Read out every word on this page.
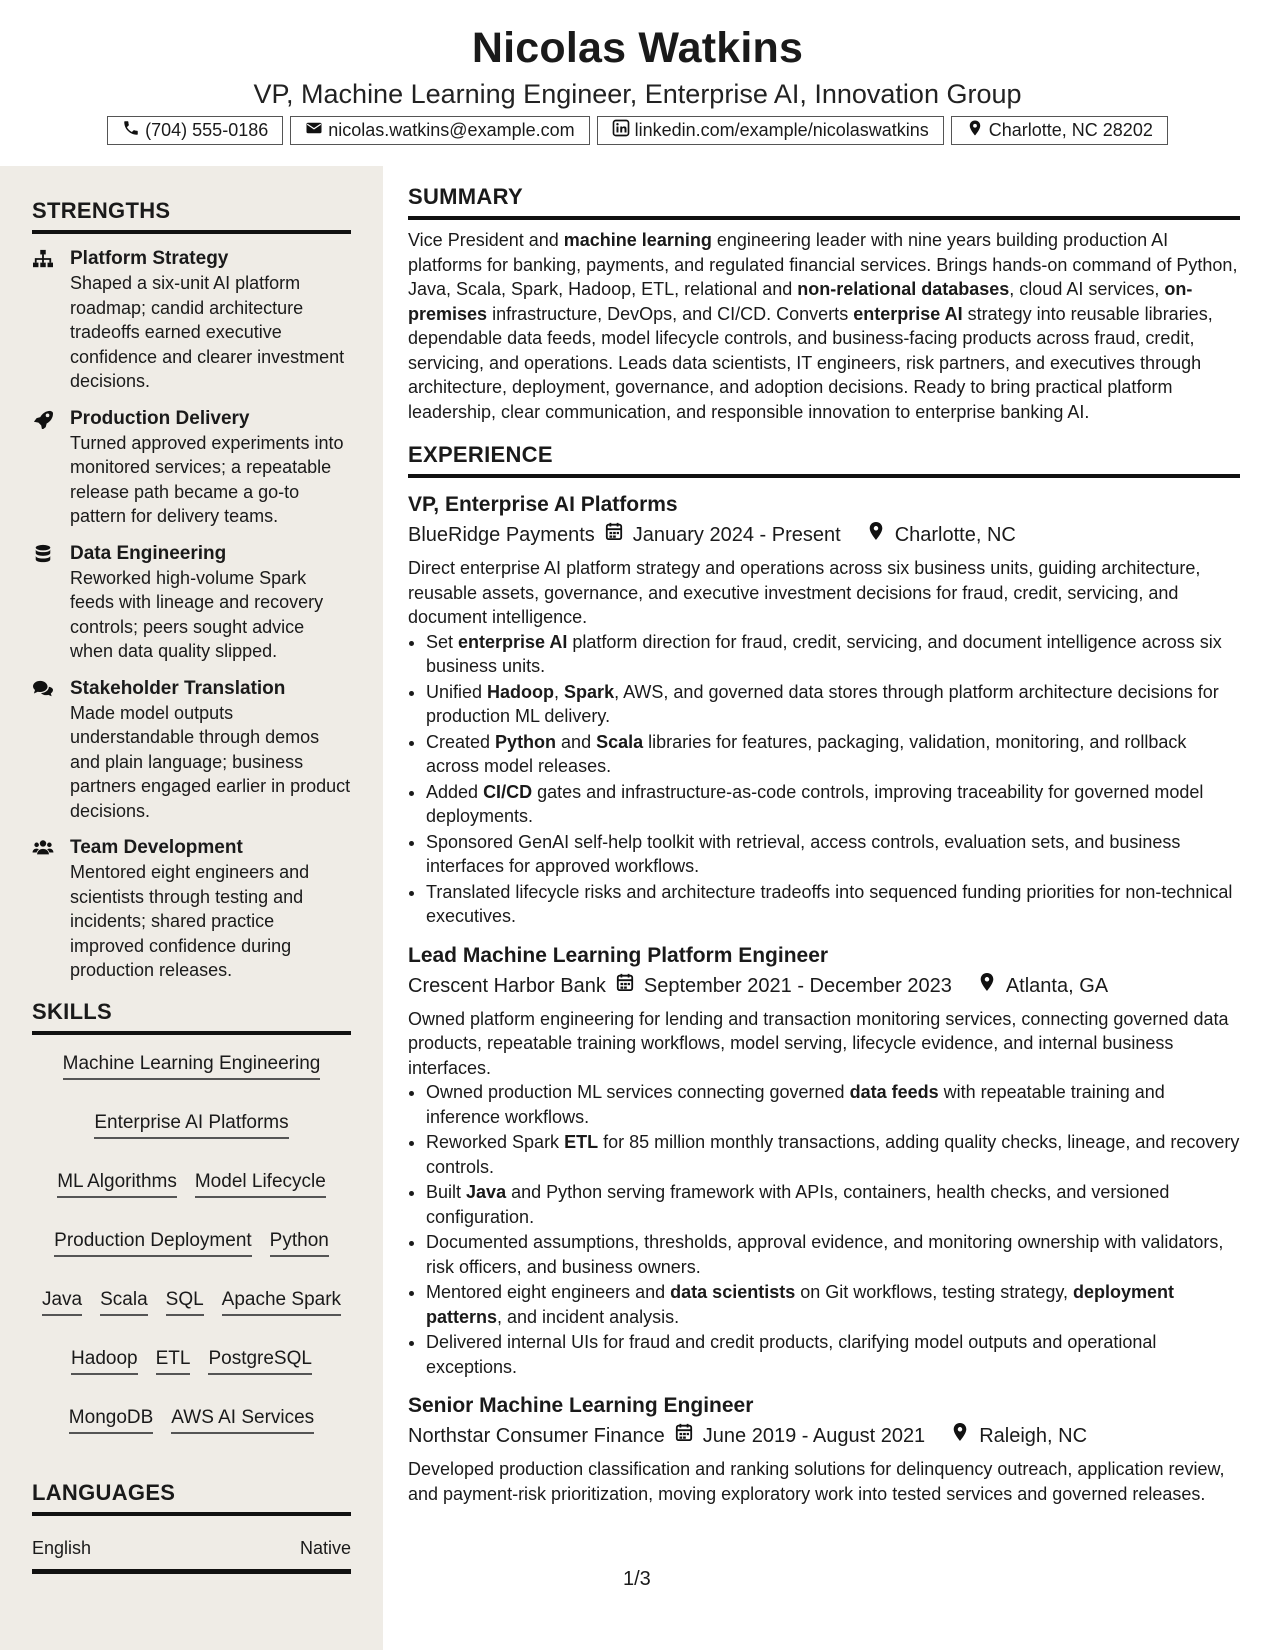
Nicolas Watkins
VP, Machine Learning Engineer, Enterprise AI, Innovation Group
(704) 555-0186	nicolas.watkins@example.com	linkedin.com/example/nicolaswatkins	Charlotte, NC 28202
STRENGTHS
Platform Strategy
Shaped a six-unit AI platform roadmap; candid architecture tradeoffs earned executive confidence and clearer investment decisions.
Production Delivery
Turned approved experiments into monitored services; a repeatable release path became a go-to pattern for delivery teams.
Data Engineering
Reworked high-volume Spark feeds with lineage and recovery controls; peers sought advice when data quality slipped.
Stakeholder Translation
Made model outputs understandable through demos and plain language; business partners engaged earlier in product decisions.
Team Development
Mentored eight engineers and scientists through testing and incidents; shared practice improved confidence during production releases.
SKILLS
Machine Learning Engineering
Enterprise AI Platforms
ML Algorithms Model Lifecycle
Production Deployment Python
Java Scala SQL Apache Spark
Hadoop ETL PostgreSQL
MongoDB AWS AI Services
LANGUAGES
English	Native
SUMMARY
Vice President and machine learning engineering leader with nine years building production AI platforms for banking, payments, and regulated financial services. Brings hands-on command of Python, Java, Scala, Spark, Hadoop, ETL, relational and non-relational databases, cloud AI services, on-premises infrastructure, DevOps, and CI/CD. Converts enterprise AI strategy into reusable libraries, dependable data feeds, model lifecycle controls, and business-facing products across fraud, credit, servicing, and operations. Leads data scientists, IT engineers, risk partners, and executives through architecture, deployment, governance, and adoption decisions. Ready to bring practical platform leadership, clear communication, and responsible innovation to enterprise banking AI.
EXPERIENCE
VP, Enterprise AI Platforms
BlueRidge Payments January 2024 - Present	Charlotte, NC
Direct enterprise AI platform strategy and operations across six business units, guiding architecture, reusable assets, governance, and executive investment decisions for fraud, credit, servicing, and document intelligence.
• Set enterprise AI platform direction for fraud, credit, servicing, and document intelligence across six business units.
• Unified Hadoop, Spark, AWS, and governed data stores through platform architecture decisions for production ML delivery.
• Created Python and Scala libraries for features, packaging, validation, monitoring, and rollback across model releases.
• Added CI/CD gates and infrastructure-as-code controls, improving traceability for governed model deployments.
• Sponsored GenAI self-help toolkit with retrieval, access controls, evaluation sets, and business interfaces for approved workflows.
• Translated lifecycle risks and architecture tradeoffs into sequenced funding priorities for non-technical executives.
Lead Machine Learning Platform Engineer
Crescent Harbor Bank September 2021 - December 2023	Atlanta, GA
Owned platform engineering for lending and transaction monitoring services, connecting governed data products, repeatable training workflows, model serving, lifecycle evidence, and internal business interfaces.
• Owned production ML services connecting governed data feeds with repeatable training and inference workflows.
• Reworked Spark ETL for 85 million monthly transactions, adding quality checks, lineage, and recovery controls.
• Built Java and Python serving framework with APIs, containers, health checks, and versioned configuration.
• Documented assumptions, thresholds, approval evidence, and monitoring ownership with validators, risk officers, and business owners.
• Mentored eight engineers and data scientists on Git workflows, testing strategy, deployment patterns, and incident analysis.
• Delivered internal UIs for fraud and credit products, clarifying model outputs and operational exceptions.
Senior Machine Learning Engineer
Northstar Consumer Finance June 2019 - August 2021	Raleigh, NC
Developed production classification and ranking solutions for delinquency outreach, application review, and payment-risk prioritization, moving exploratory work into tested services and governed releases.
1/3
